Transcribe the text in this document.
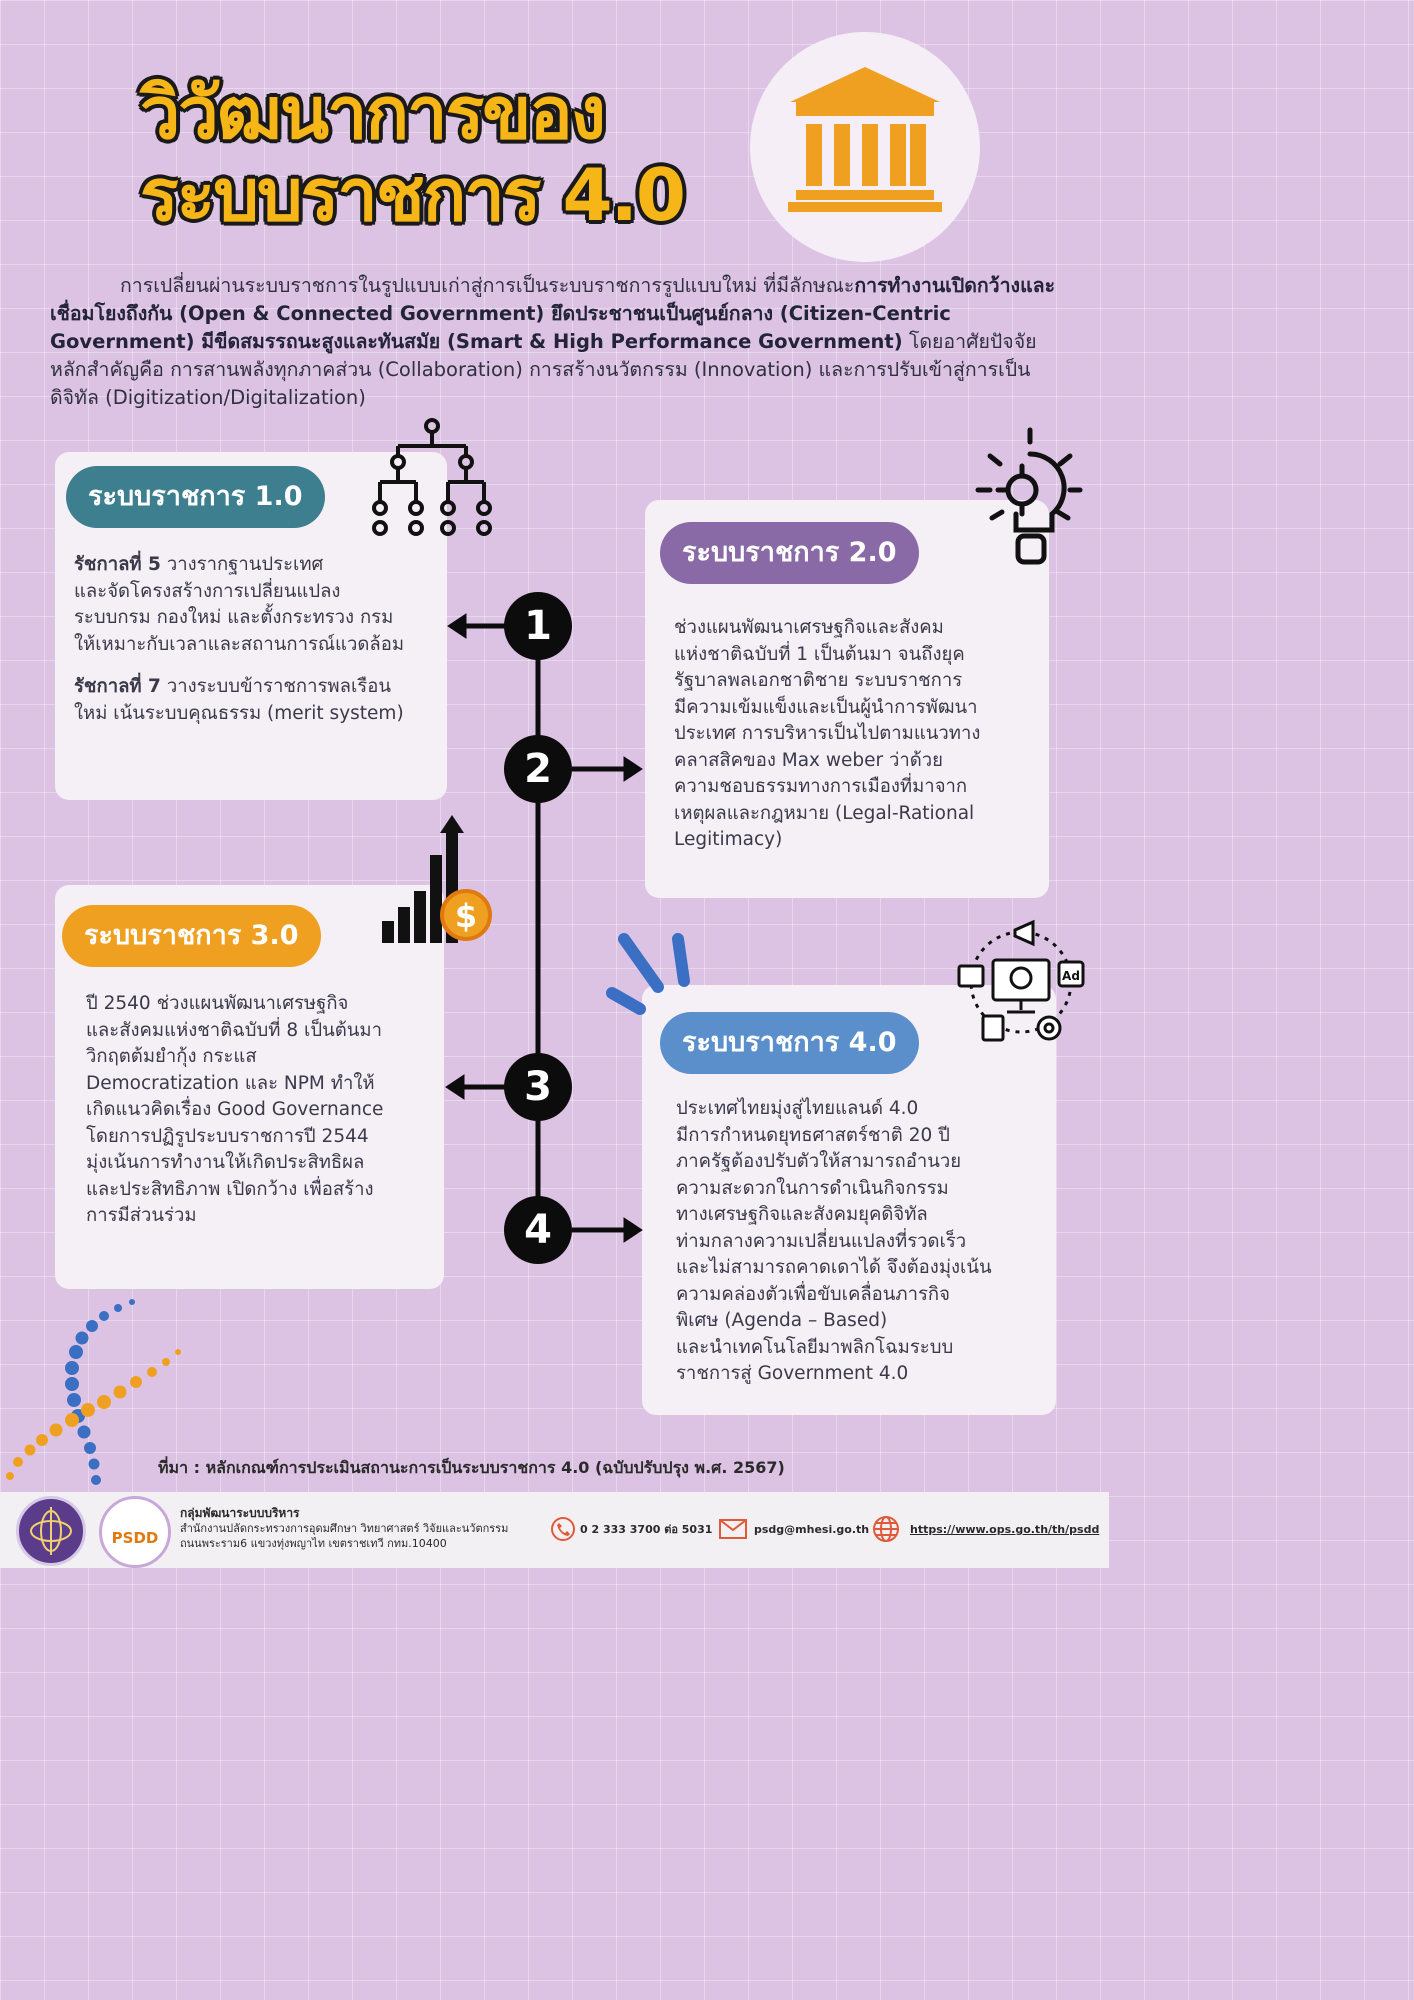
วิวัฒนาการของ
ระบบราชการ 4.0
การเปลี่ยนผ่านระบบราชการในรูปแบบเก่าสู่การเป็นระบบราชการรูปแบบใหม่ ที่มีลักษณะการทำงานเปิดกว้างและเชื่อมโยงถึงกัน (Open & Connected Government) ยึดประชาชนเป็นศูนย์กลาง (Citizen-Centric Government) มีขีดสมรรถนะสูงและทันสมัย (Smart & High Performance Government) โดยอาศัยปัจจัยหลักสำคัญคือ การสานพลังทุกภาคส่วน (Collaboration) การสร้างนวัตกรรม (Innovation) และการปรับเข้าสู่การเป็นดิจิทัล (Digitization/Digitalization)
ระบบราชการ 1.0
ระบบราชการ 2.0
ระบบราชการ 3.0
ระบบราชการ 4.0

รัชกาลที่ 5 วางรากฐานประเทศ
และจัดโครงสร้างการเปลี่ยนแปลง
ระบบกรม กองใหม่ และตั้งกระทรวง กรม
ให้เหมาะกับเวลาและสถานการณ์แวดล้อม

รัชกาลที่ 7 วางระบบข้าราชการพลเรือน
ใหม่ เน้นระบบคุณธรรม (merit system)

ช่วงแผนพัฒนาเศรษฐกิจและสังคม
แห่งชาติฉบับที่ 1 เป็นต้นมา จนถึงยุค
รัฐบาลพลเอกชาติชาย ระบบราชการ
มีความเข้มแข็งและเป็นผู้นำการพัฒนา
ประเทศ การบริหารเป็นไปตามแนวทาง
คลาสสิคของ Max weber ว่าด้วย
ความชอบธรรมทางการเมืองที่มาจาก
เหตุผลและกฎหมาย (Legal-Rational
Legitimacy)
ปี 2540 ช่วงแผนพัฒนาเศรษฐกิจ
และสังคมแห่งชาติฉบับที่ 8 เป็นต้นมา
วิกฤตต้มยำกุ้ง กระแส
Democratization และ NPM ทำให้
เกิดแนวคิดเรื่อง Good Governance
โดยการปฏิรูประบบราชการปี 2544
มุ่งเน้นการทำงานให้เกิดประสิทธิผล
และประสิทธิภาพ เปิดกว้าง เพื่อสร้าง
การมีส่วนร่วม
ประเทศไทยมุ่งสู่ไทยแลนด์ 4.0
มีการกำหนดยุทธศาสตร์ชาติ 20 ปี
ภาครัฐต้องปรับตัวให้สามารถอำนวย
ความสะดวกในการดำเนินกิจกรรม
ทางเศรษฐกิจและสังคมยุคดิจิทัล
ท่ามกลางความเปลี่ยนแปลงที่รวดเร็ว
และไม่สามารถคาดเดาได้ จึงต้องมุ่งเน้น
ความคล่องตัวเพื่อขับเคลื่อนภารกิจ
พิเศษ (Agenda – Based)
และนำเทคโนโลยีมาพลิกโฉมระบบ
ราชการสู่ Government 4.0
1
2
3
4
$
Ad
ที่มา : หลักเกณฑ์การประเมินสถานะการเป็นระบบราชการ 4.0 (ฉบับปรับปรุง พ.ศ. 2567)
PSDD
กลุ่มพัฒนาระบบบริหาร
สำนักงานปลัดกระทรวงการอุดมศึกษา วิทยาศาสตร์ วิจัยและนวัตกรรม
ถนนพระราม6 แขวงทุ่งพญาไท เขตราชเทวี กทม.10400
0 2 333 3700 ต่อ 5031	psdg@mhesi.go.th	https://www.ops.go.th/th/psdd
